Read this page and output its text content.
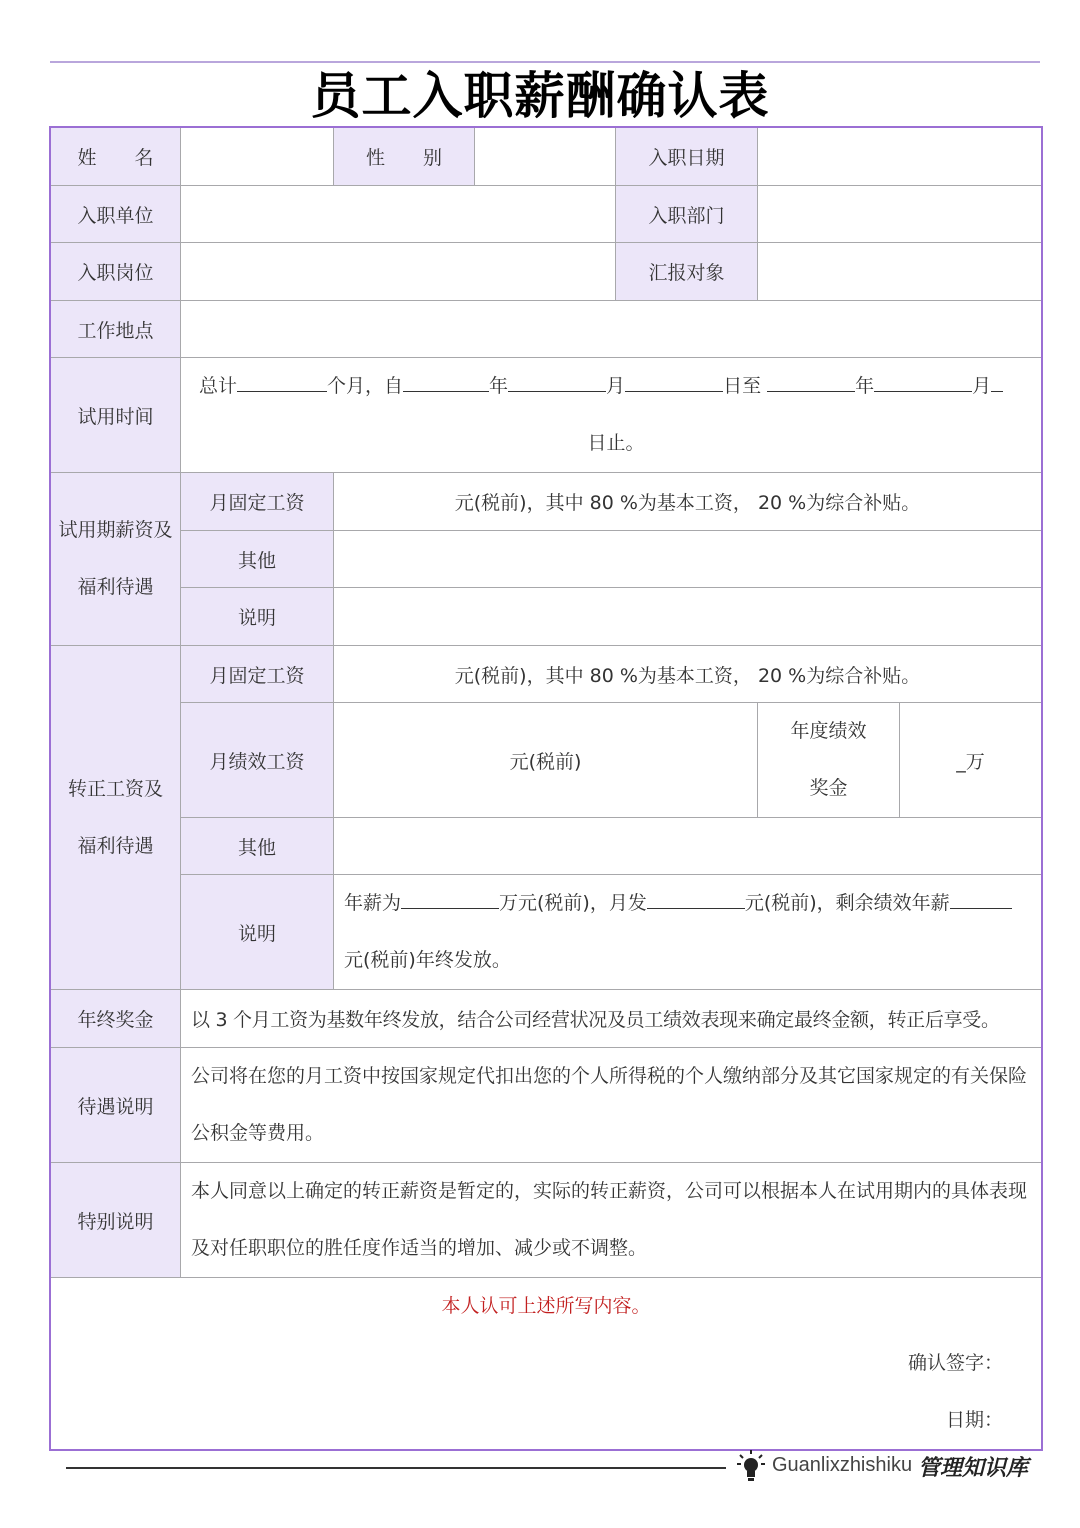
员工入职薪酬确认表
姓　　名		性　　别		入职日期		
入职单位				入职部门		
入职岗位				汇报对象		
工作地点						
试用时间	总计 个月，自 年 月 日至 年 月
日止。					

试用期薪资及福利待遇	月固定工资	元(税前)，其中 80 %为基本工资， 20 %为综合补贴。				
	其他					
	说明					
转正工资及福利待遇	月固定工资	元(税前)，其中 80 %为基本工资， 20 %为综合补贴。				
	月绩效工资	元(税前)			年度绩效奖金	_万
	其他					
	说明	年薪为 万元(税前)，月发 元(税前)，剩余绩效年薪
元(税前)年终发放。				

年终奖金	以 3 个月工资为基数年终发放，结合公司经营状况及员工绩效表现来确定最终金额，转正后享受。					
待遇说明	公司将在您的月工资中按国家规定代扣出您的个人所得税的个人缴纳部分及其它国家规定的有关保险公积金等费用。					
特别说明	本人同意以上确定的转正薪资是暂定的，实际的转正薪资，公司可以根据本人在试用期内的具体表现及对任职职位的胜任度作适当的增加、减少或不调整。					

本人认可上述所写内容。
确认签字：
日期：						
Guanlixzhishiku 管理知识库
